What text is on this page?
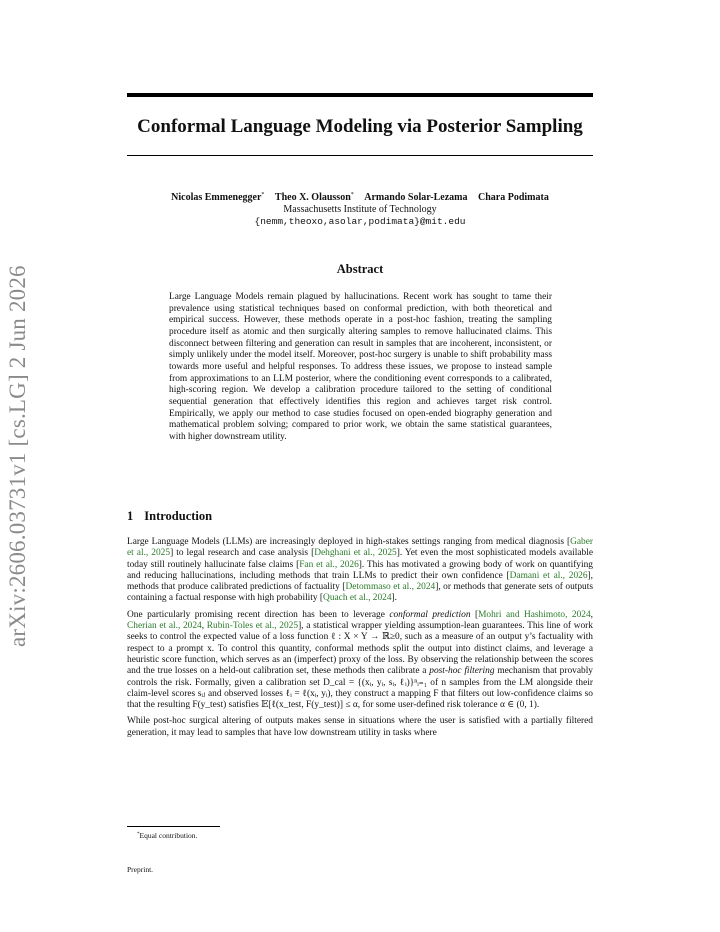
arXiv:2606.03731v1 [cs.LG] 2 Jun 2026
Conformal Language Modeling via Posterior Sampling
Nicolas Emmenegger* Theo X. Olausson* Armando Solar-Lezama Chara Podimata
Massachusetts Institute of Technology
{nemm,theoxo,asolar,podimata}@mit.edu
Abstract
Large Language Models remain plagued by hallucinations. Recent work has sought to tame their prevalence using statistical techniques based on conformal prediction, with both theoretical and empirical success. However, these methods operate in a post-hoc fashion, treating the sampling procedure itself as atomic and then surgically altering samples to remove hallucinated claims. This disconnect between filtering and generation can result in samples that are incoherent, inconsistent, or simply unlikely under the model itself. Moreover, post-hoc surgery is unable to shift probability mass towards more useful and helpful responses. To address these issues, we propose to instead sample from approximations to an LLM posterior, where the conditioning event corresponds to a calibrated, high-scoring region. We develop a calibration procedure tailored to the setting of conditional sequential generation that effectively identifies this region and achieves target risk control. Empirically, we apply our method to case studies focused on open-ended biography generation and mathematical problem solving; compared to prior work, we obtain the same statistical guarantees, with higher downstream utility.
1 Introduction

Large Language Models (LLMs) are increasingly deployed in high-stakes settings ranging from medical diagnosis [Gaber et al., 2025] to legal research and case analysis [Dehghani et al., 2025]. Yet even the most sophisticated models available today still routinely hallucinate false claims [Fan et al., 2026]. This has motivated a growing body of work on quantifying and reducing hallucinations, including methods that train LLMs to predict their own confidence [Damani et al., 2026], methods that produce calibrated predictions of factuality [Detommaso et al., 2024], or methods that generate sets of outputs containing a factual response with high probability [Quach et al., 2024].

One particularly promising recent direction has been to leverage conformal prediction [Mohri and Hashimoto, 2024, Cherian et al., 2024, Rubin-Toles et al., 2025], a statistical wrapper yielding assumption-lean guarantees. This line of work seeks to control the expected value of a loss function ℓ : X × Y → ℝ≥0, such as a measure of an output y’s factuality with respect to a prompt x. To control this quantity, conformal methods split the output into distinct claims, and leverage a heuristic score function, which serves as an (imperfect) proxy of the loss. By observing the relationship between the scores and the true losses on a held-out calibration set, these methods then calibrate a post-hoc filtering mechanism that provably controls the risk. Formally, given a calibration set D_cal = {(xᵢ, yᵢ, sᵢ, ℓᵢ)}ⁿᵢ₌₁ of n samples from the LM alongside their claim-level scores sᵢⱼ and observed losses ℓᵢ = ℓ(xᵢ, yᵢ), they construct a mapping F that filters out low-confidence claims so that the resulting F(y_test) satisfies 𝔼[ℓ(x_test, F(y_test)] ≤ α, for some user-defined risk tolerance α ∈ (0, 1).

While post-hoc surgical altering of outputs makes sense in situations where the user is satisfied with a partially filtered generation, it may lead to samples that have low downstream utility in tasks where

*Equal contribution.
Preprint.
